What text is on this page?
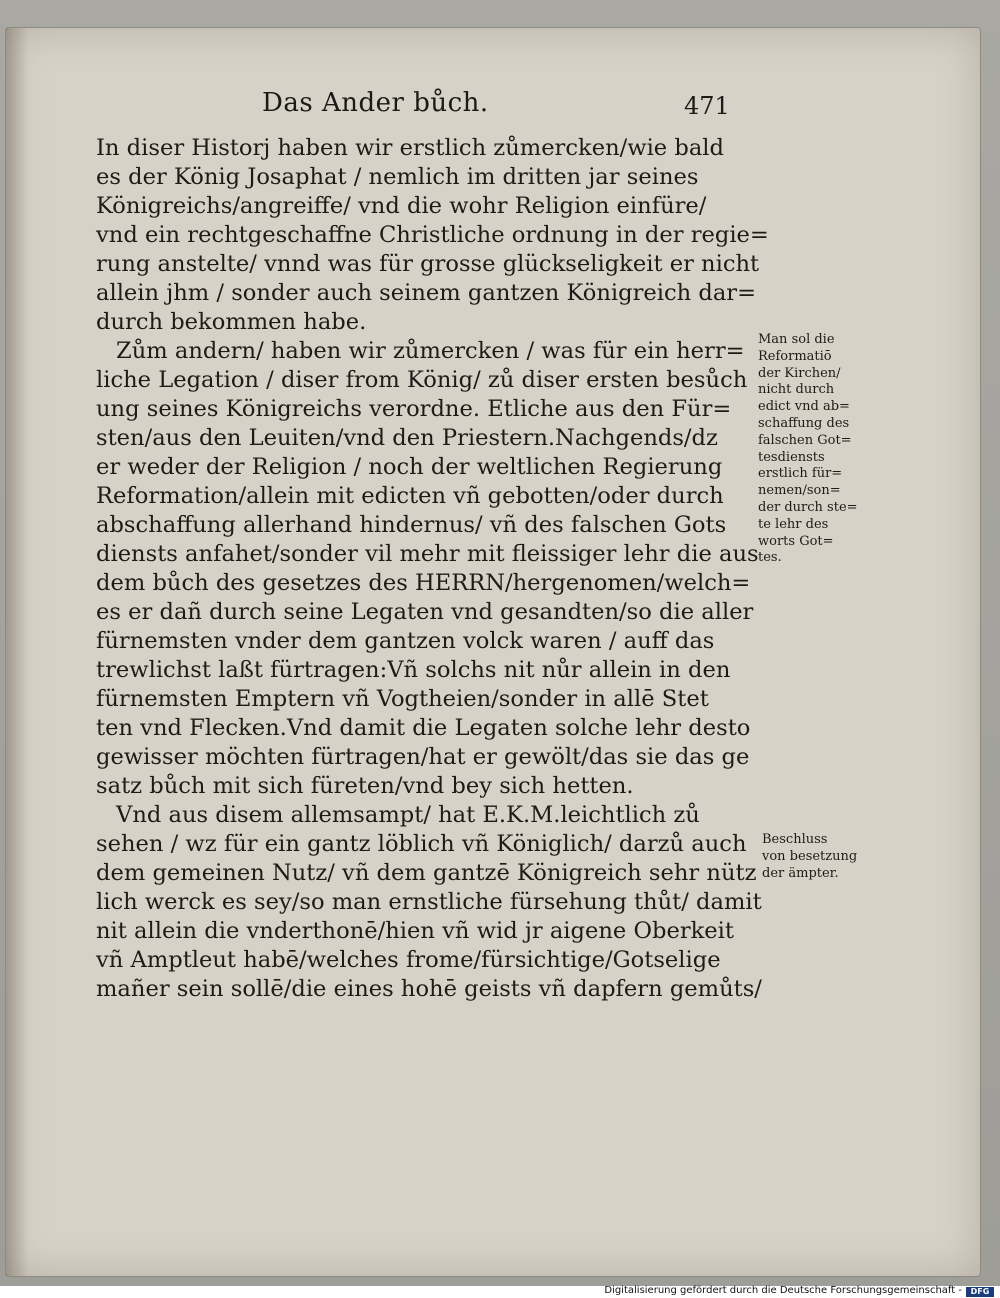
Das Ander bůch.	471
In diser Historj haben wir erstlich zůmercken/wie bald
es der König Josaphat / nemlich im dritten jar seines
Königreichs/angreiffe/ vnd die wohr Religion einfüre/
vnd ein rechtgeschaffne Christliche ordnung in der regie=
rung anstelte/ vnnd was für grosse glückseligkeit er nicht
allein jhm / sonder auch seinem gantzen Königreich dar=
durch bekommen habe.
Zům andern/ haben wir zůmercken / was für ein herr=
liche Legation / diser from König/ zů diser ersten besůch
ung seines Königreichs verordne. Etliche aus den Für=
sten/aus den Leuiten/vnd den Priestern.Nachgends/dz
er weder der Religion / noch der weltlichen Regierung
Reformation/allein mit edicten vñ gebotten/oder durch
abschaffung allerhand hindernus/ vñ des falschen Gots
diensts anfahet/sonder vil mehr mit fleissiger lehr die aus
dem bůch des gesetzes des HERRN/hergenomen/welch=
es er dañ durch seine Legaten vnd gesandten/so die aller
fürnemsten vnder dem gantzen volck waren / auff das
trewlichst laßt fürtragen:Vñ solchs nit nůr allein in den
fürnemsten Emptern vñ Vogtheien/sonder in allē Stet
ten vnd Flecken.Vnd damit die Legaten solche lehr desto
gewisser möchten fürtragen/hat er gewölt/das sie das ge
satz bůch mit sich füreten/vnd bey sich hetten.
Vnd aus disem allemsampt/ hat E.K.M.leichtlich zů
sehen / wz für ein gantz löblich vñ Königlich/ darzů auch
dem gemeinen Nutz/ vñ dem gantzē Königreich sehr nütz
lich werck es sey/so man ernstliche fürsehung thůt/ damit
nit allein die vnderthonē/hien vñ wid jr aigene Oberkeit
vñ Amptleut habē/welches frome/fürsichtige/Gotselige
mañer sein sollē/die eines hohē geists vñ dapfern gemůts/
Man sol die
Reformatiō
der Kirchen/
nicht durch
edict vnd ab=
schaffung des
falschen Got=
tesdiensts
erstlich für=
nemen/son=
der durch ste=
te lehr des
worts Got=
tes.
Beschluss
von besetzung
der ämpter.
Digitalisierung gefördert durch die Deutsche Forschungsgemeinschaft -	DFG
